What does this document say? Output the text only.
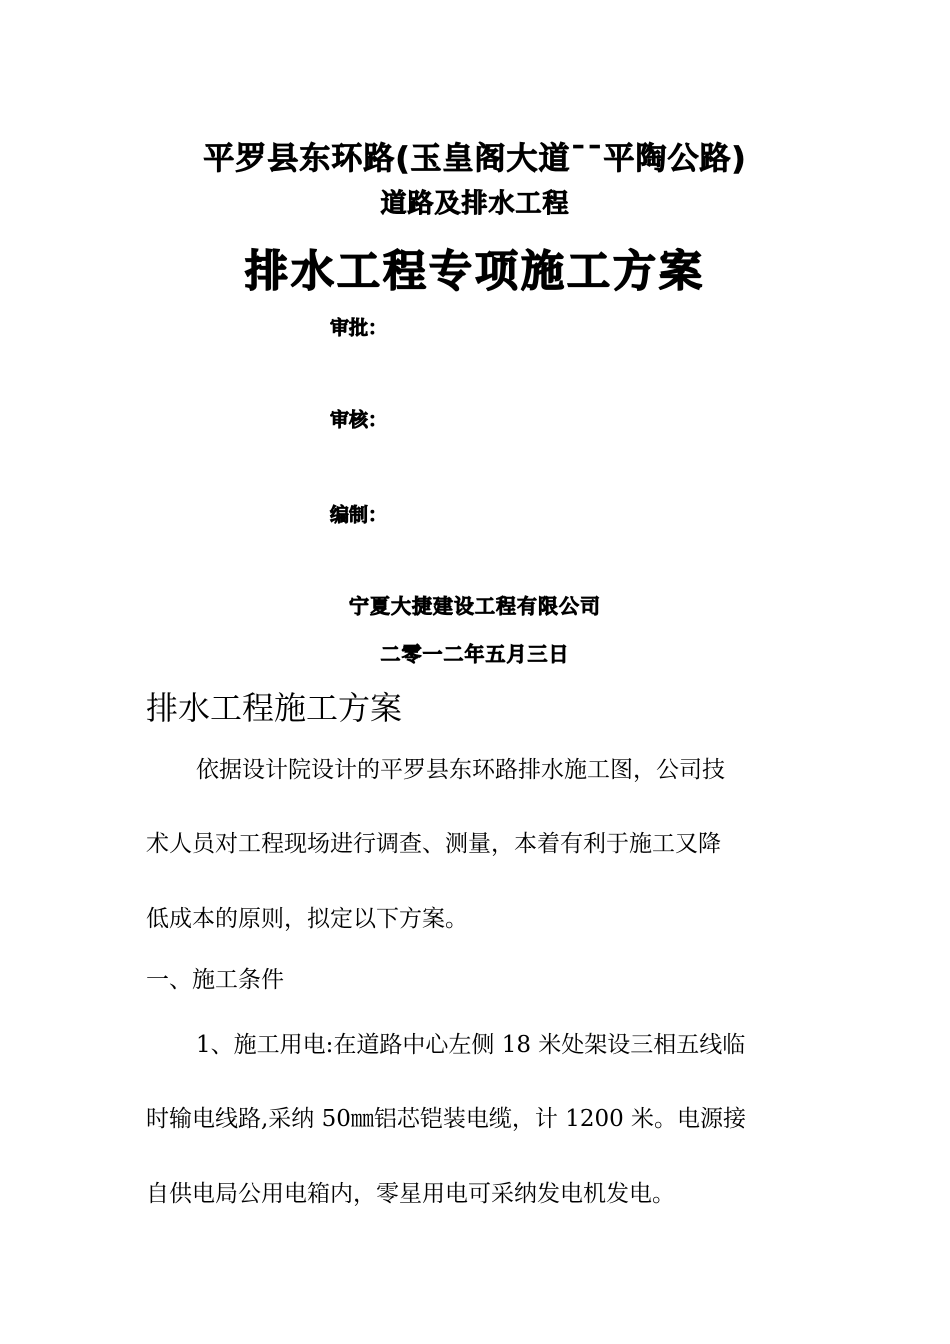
平罗县东环路(玉皇阁大道¯¯平陶公路)
道路及排水工程
排水工程专项施工方案
审批：
审核：
编制：
宁夏大捷建设工程有限公司
二零一二年五月三日
排水工程施工方案
依据设计院设计的平罗县东环路排水施工图，公司技
术人员对工程现场进行调查、测量，本着有利于施工又降
低成本的原则，拟定以下方案。
一、施工条件
1、施工用电:在道路中心左侧 18 米处架设三相五线临
时输电线路,采纳 50㎜铝芯铠装电缆，计 1200 米。电源接
自供电局公用电箱内，零星用电可采纳发电机发电。
